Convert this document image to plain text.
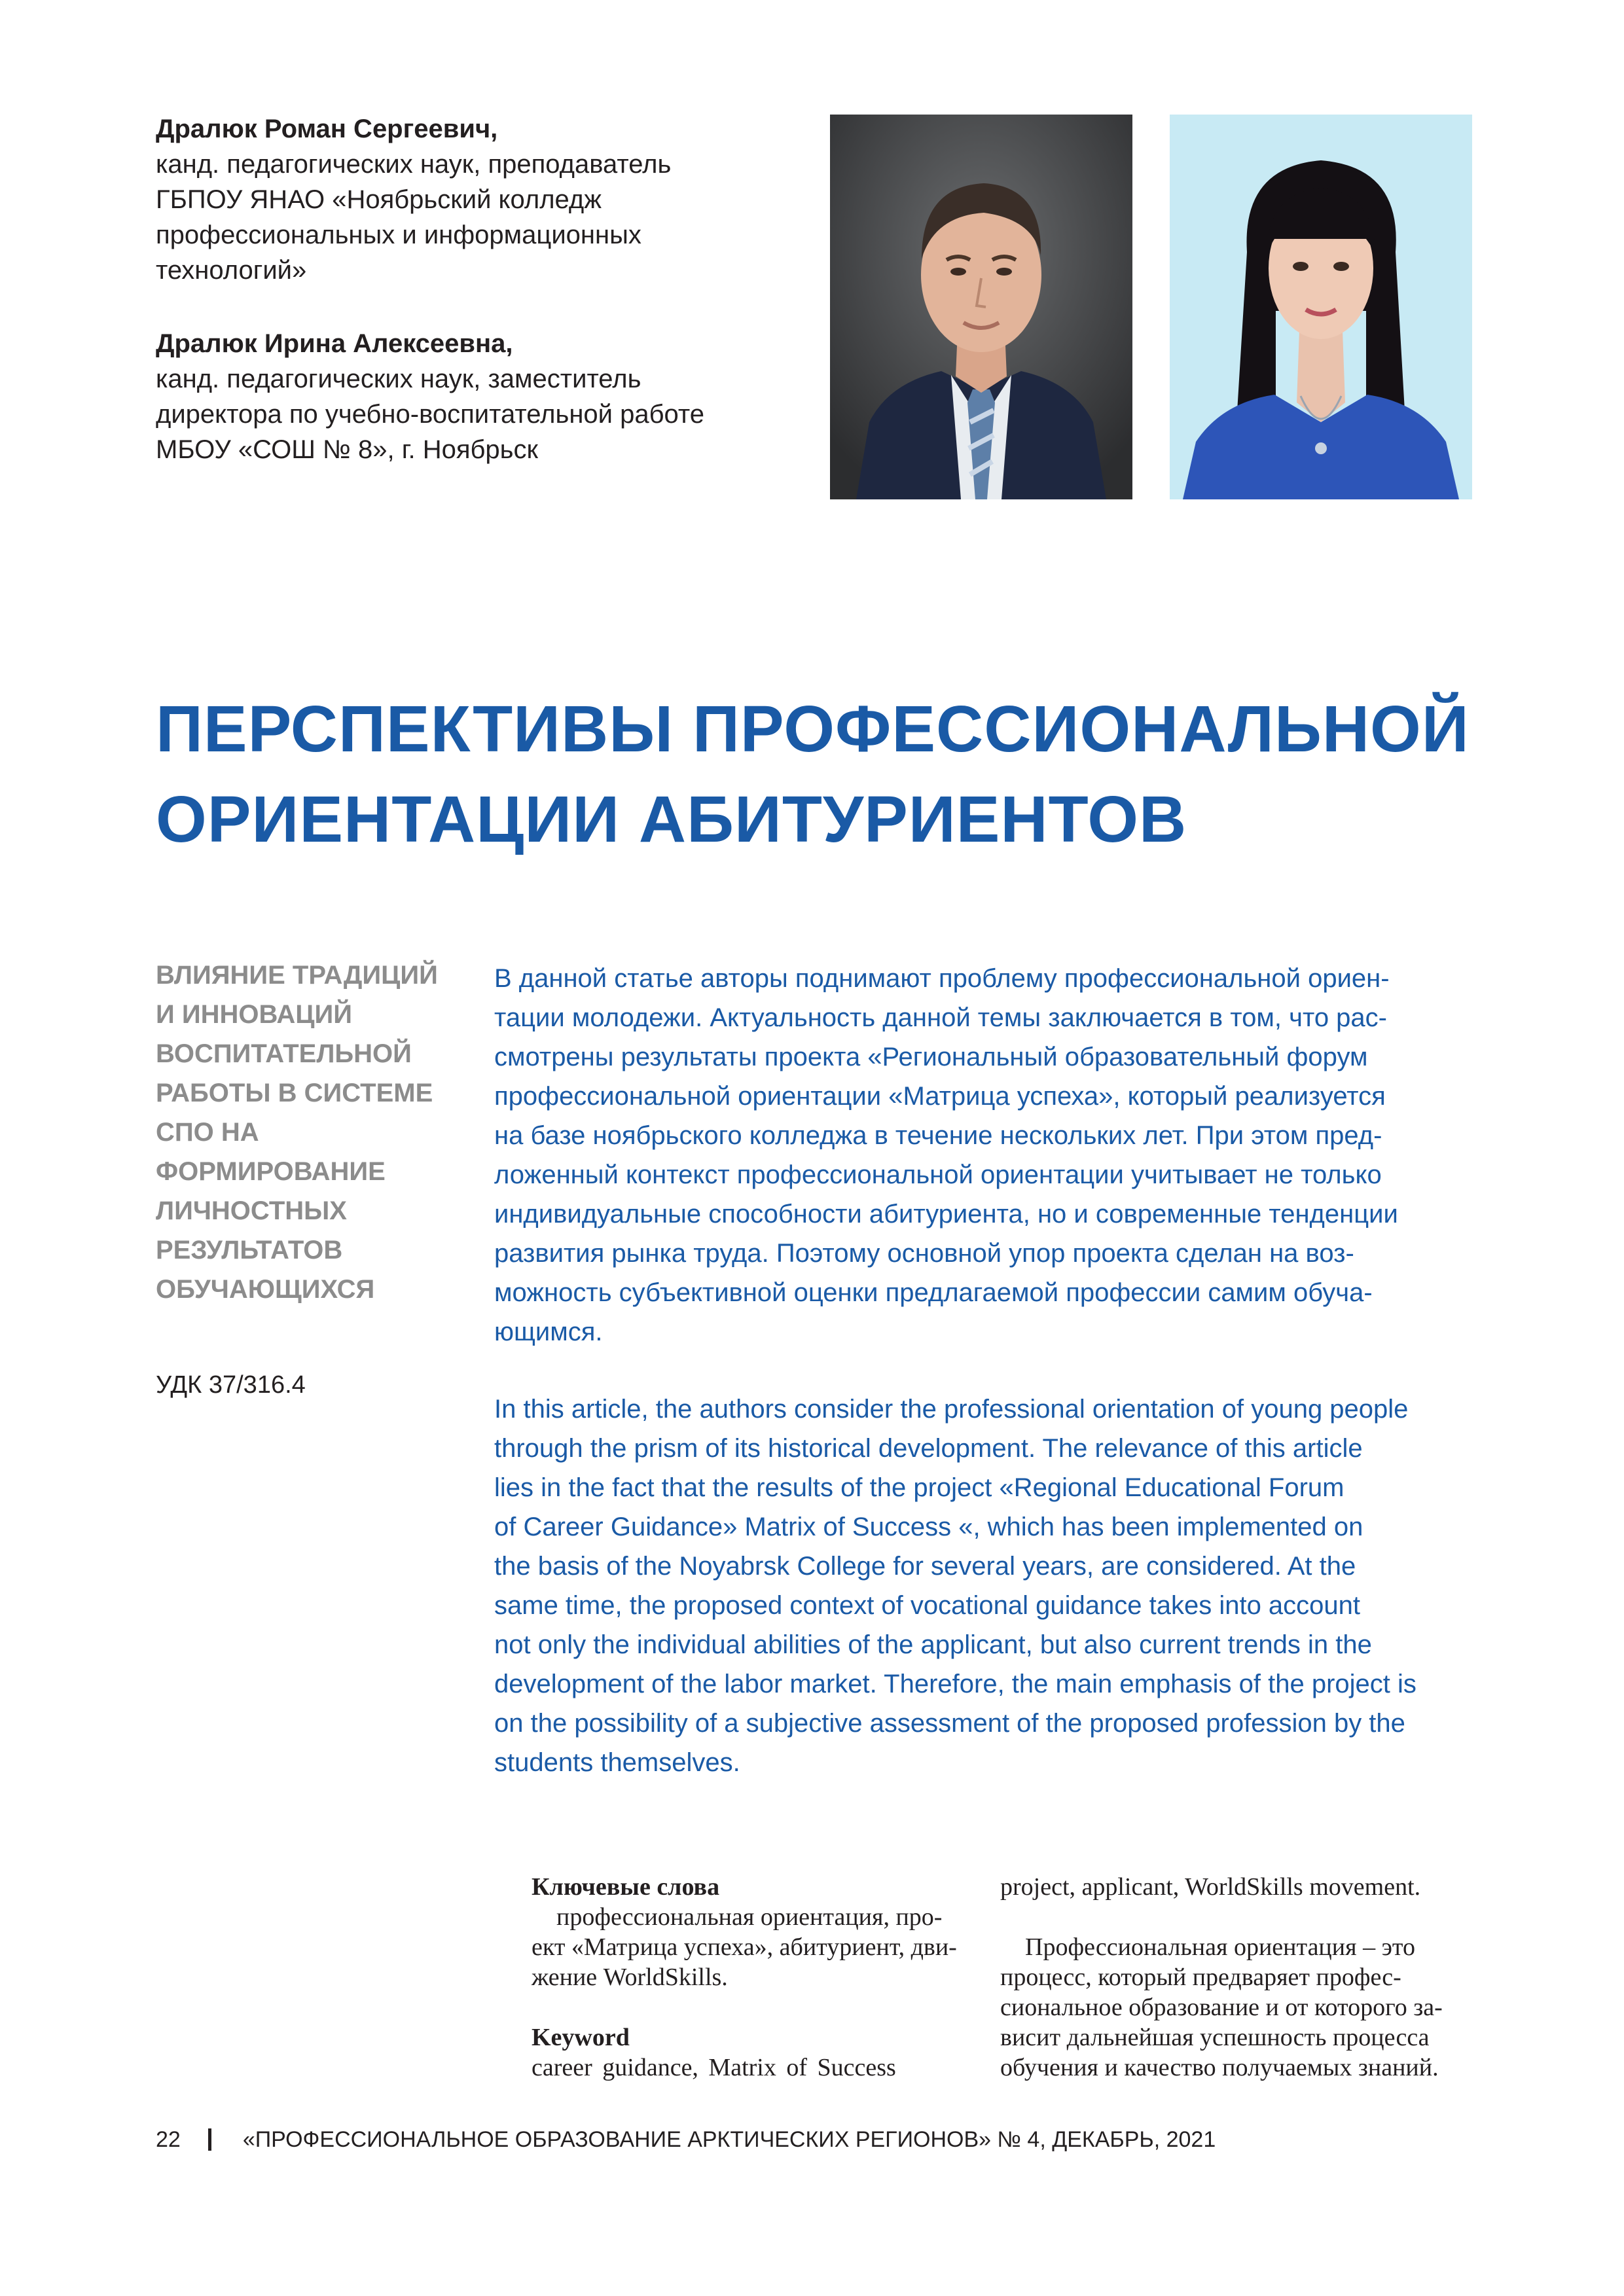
Дралюк Роман Сергеевич,

канд. педагогических наук, преподаватель

ГБПОУ ЯНАО «Ноябрьский колледж

профессиональных и информационных

технологий»

Дралюк Ирина Алексеевна,

канд. педагогических наук, заместитель

директора по учебно-воспитательной работе

МБОУ «СОШ № 8», г. Ноябрьск

ПЕРСПЕКТИВЫ ПРОФЕССИОНАЛЬНОЙ
ОРИЕНТАЦИИ АБИТУРИЕНТОВ
ВЛИЯНИЕ ТРАДИЦИЙ
И ИННОВАЦИЙ
ВОСПИТАТЕЛЬНОЙ
РАБОТЫ В СИСТЕМЕ
СПО НА
ФОРМИРОВАНИЕ
ЛИЧНОСТНЫХ
РЕЗУЛЬТАТОВ
ОБУЧАЮЩИХСЯ

УДК 37/316.4

В данной статье авторы поднимают проблему профессиональной ориен-
тации молодежи. Актуальность данной темы заключается в том, что рас-
смотрены результаты проекта «Региональный образовательный форум
профессиональной ориентации «Матрица успеха», который реализуется
на базе ноябрьского колледжа в течение нескольких лет. При этом пред-
ложенный контекст профессиональной ориентации учитывает не только
индивидуальные способности абитуриента, но и современные тенденции
развития рынка труда. Поэтому основной упор проекта сделан на воз-
можность субъективной оценки предлагаемой профессии самим обуча-
ющимся.
In this article, the authors consider the professional orientation of young people
through the prism of its historical development. The relevance of this article
lies in the fact that the results of the project «Regional Educational Forum
of Career Guidance» Matrix of Success «, which has been implemented on
the basis of the Noyabrsk College for several years, are considered. At the
same time, the proposed context of vocational guidance takes into account
not only the individual abilities of the applicant, but also current trends in the
development of the labor market. Therefore, the main emphasis of the project is
on the possibility of a subjective assessment of the proposed profession by the
students themselves.

Ключевые слова

профессиональная ориентация, про-

ект «Матрица успеха», абитуриент, дви-

жение WorldSkills.

Keyword

career guidance, Matrix of Success

project, applicant, WorldSkills movement.

Профессиональная ориентация – это

процесс, который предваряет профес-

сиональное образование и от которого за-

висит дальнейшая успешность процесса

обучения и качество получаемых знаний.

22	«ПРОФЕССИОНАЛЬНОЕ ОБРАЗОВАНИЕ АРКТИЧЕСКИХ РЕГИОНОВ» № 4, ДЕКАБРЬ, 2021
